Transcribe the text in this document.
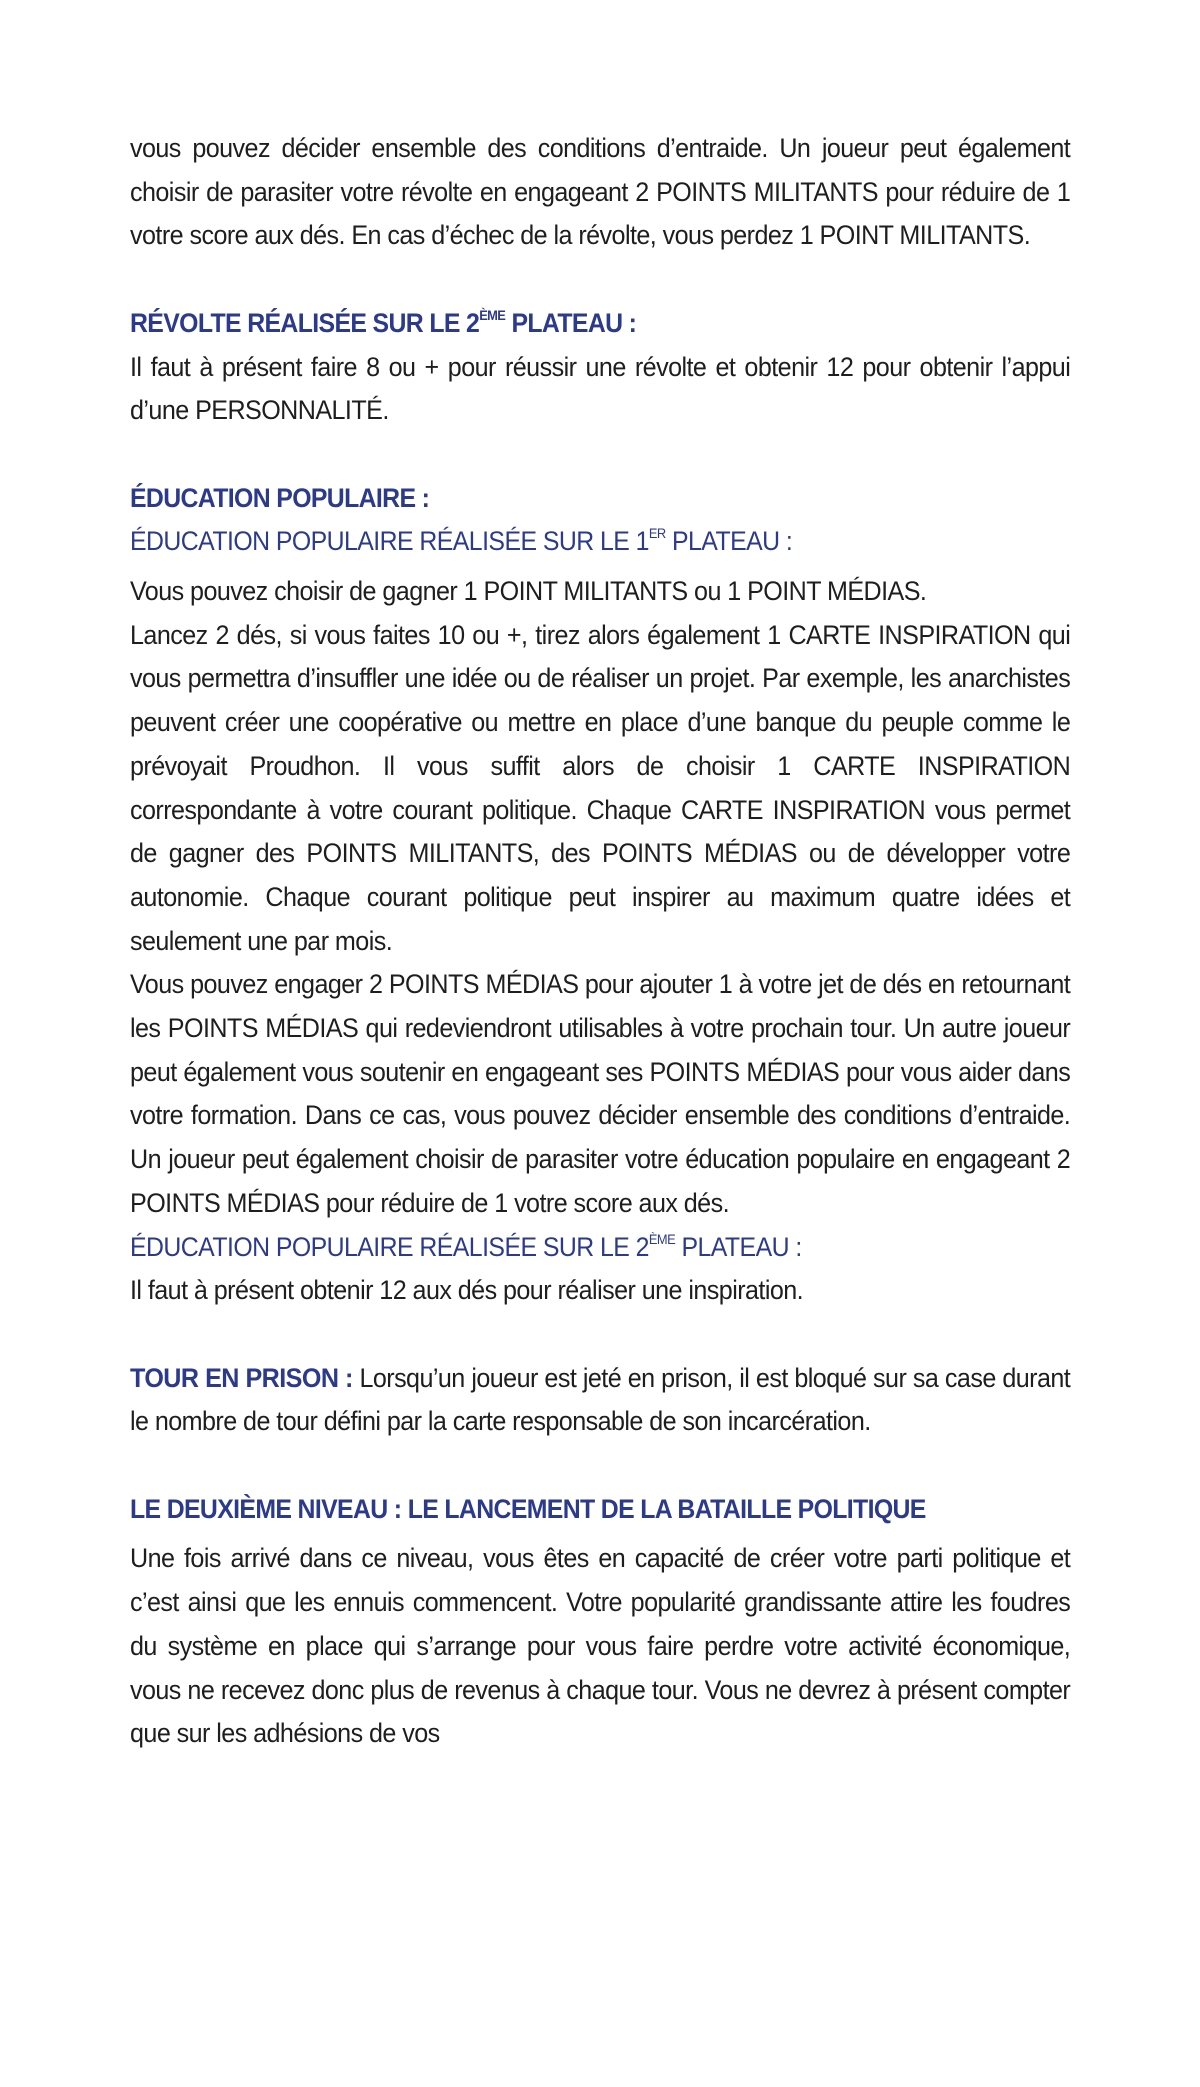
vous pouvez décider ensemble des conditions d’entraide. Un joueur peut également choisir de parasiter votre révolte en engageant 2 POINTS MILITANTS pour réduire de 1 votre score aux dés. En cas d’échec de la révolte, vous perdez 1 POINT MILITANTS.

RÉVOLTE RÉALISÉE SUR LE 2ÈME PLATEAU :

Il faut à présent faire 8 ou + pour réussir une révolte et obtenir 12 pour obtenir l’appui d’une PERSONNALITÉ.

ÉDUCATION POPULAIRE :

ÉDUCATION POPULAIRE RÉALISÉE SUR LE 1ER PLATEAU :

Vous pouvez choisir de gagner 1 POINT MILITANTS ou 1 POINT MÉDIAS.

Lancez 2 dés, si vous faites 10 ou +, tirez alors également 1 CARTE INSPIRATION qui vous permettra d’insuffler une idée ou de réaliser un projet. Par exemple, les anarchistes peuvent créer une coopérative ou mettre en place d’une banque du peuple comme le prévoyait Proudhon. Il vous suffit alors de choisir 1 CARTE INSPIRATION correspondante à votre courant politique. Chaque CARTE INSPIRATION vous permet de gagner des POINTS MILITANTS, des POINTS MÉDIAS ou de développer votre autonomie. Chaque courant politique peut inspirer au maximum quatre idées et seulement une par mois.

Vous pouvez engager 2 POINTS MÉDIAS pour ajouter 1 à votre jet de dés en retournant les POINTS MÉDIAS qui redeviendront utilisables à votre prochain tour. Un autre joueur peut également vous soutenir en engageant ses POINTS MÉDIAS pour vous aider dans votre formation. Dans ce cas, vous pouvez décider ensemble des conditions d’entraide. Un joueur peut également choisir de parasiter votre éducation populaire en engageant 2 POINTS MÉDIAS pour réduire de 1 votre score aux dés.

ÉDUCATION POPULAIRE RÉALISÉE SUR LE 2ÈME PLATEAU :

Il faut à présent obtenir 12 aux dés pour réaliser une inspiration.

TOUR EN PRISON : Lorsqu’un joueur est jeté en prison, il est bloqué sur sa case durant le nombre de tour défini par la carte responsable de son incarcération.

LE DEUXIÈME NIVEAU : LE LANCEMENT DE LA BATAILLE POLITIQUE

Une fois arrivé dans ce niveau, vous êtes en capacité de créer votre parti politique et c’est ainsi que les ennuis commencent. Votre popularité grandissante attire les foudres du système en place qui s’arrange pour vous faire perdre votre activité économique, vous ne recevez donc plus de revenus à chaque tour. Vous ne devrez à présent compter que sur les adhésions de vos
